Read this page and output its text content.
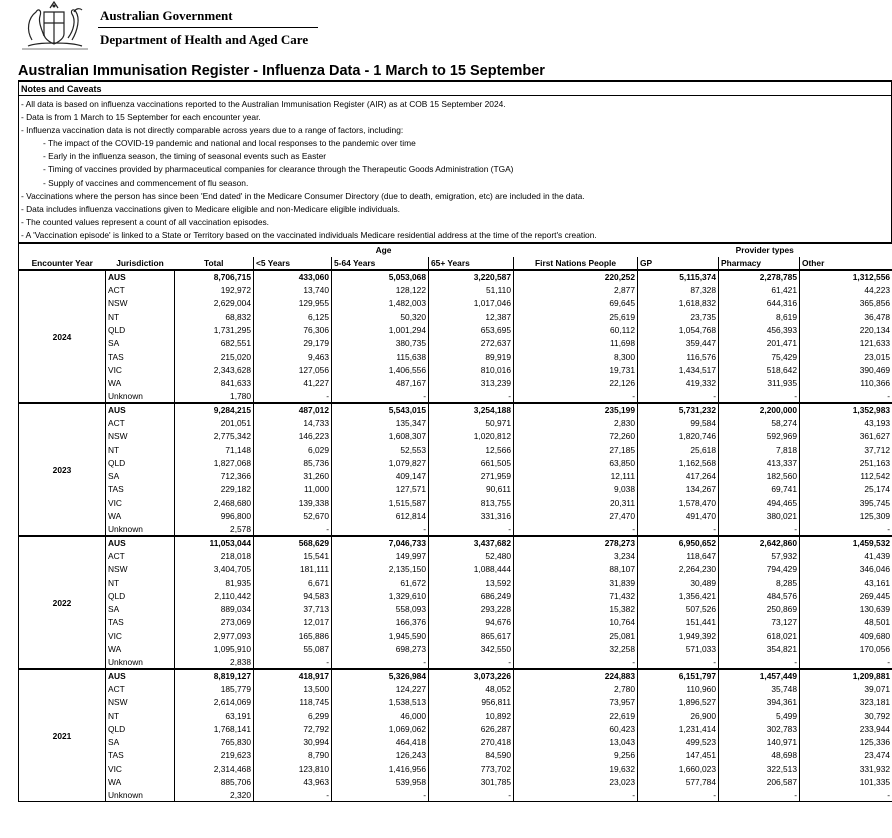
Australian Government
Department of Health and Aged Care
Australian Immunisation Register - Influenza Data - 1 March to 15 September
Notes and Caveats
- All data is based on influenza vaccinations reported to the Australian Immunisation Register (AIR) as at COB 15 September 2024.
- Data is from 1 March to 15 September for each encounter year.
- Influenza vaccination data is not directly comparable across years due to a range of factors, including:
- The impact of the COVID-19 pandemic and national and local responses to the pandemic over time
- Early in the influenza season, the timing of seasonal events such as Easter
- Timing of vaccines provided by pharmaceutical companies for clearance through the Therapeutic Goods Administration (TGA)
- Supply of vaccines and commencement of flu season.
- Vaccinations where the person has since been 'End dated' in the Medicare Consumer Directory (due to death, emigration, etc) are included in the data.
- Data includes influenza vaccinations given to Medicare eligible and non-Medicare eligible individuals.
- The counted values represent a count of all vaccination episodes.
- A 'Vaccination episode' is linked to a State or Territory based on the vaccinated individuals Medicare residential address at the time of the report's creation.
			Age				Provider types		
Encounter Year	Jurisdiction	Total	<5 Years	5-64 Years	65+ Years	First Nations People	GP	Pharmacy	Other
2024	AUS	8,706,715	433,060	5,053,068	3,220,587	220,252	5,115,374	2,278,785	1,312,556
	ACT	192,972	13,740	128,122	51,110	2,877	87,328	61,421	44,223
	NSW	2,629,004	129,955	1,482,003	1,017,046	69,645	1,618,832	644,316	365,856
	NT	68,832	6,125	50,320	12,387	25,619	23,735	8,619	36,478
	QLD	1,731,295	76,306	1,001,294	653,695	60,112	1,054,768	456,393	220,134
	SA	682,551	29,179	380,735	272,637	11,698	359,447	201,471	121,633
	TAS	215,020	9,463	115,638	89,919	8,300	116,576	75,429	23,015
	VIC	2,343,628	127,056	1,406,556	810,016	19,731	1,434,517	518,642	390,469
	WA	841,633	41,227	487,167	313,239	22,126	419,332	311,935	110,366
	Unknown	1,780	-	-	-	-	-	-	-
2023	AUS	9,284,215	487,012	5,543,015	3,254,188	235,199	5,731,232	2,200,000	1,352,983
	ACT	201,051	14,733	135,347	50,971	2,830	99,584	58,274	43,193
	NSW	2,775,342	146,223	1,608,307	1,020,812	72,260	1,820,746	592,969	361,627
	NT	71,148	6,029	52,553	12,566	27,185	25,618	7,818	37,712
	QLD	1,827,068	85,736	1,079,827	661,505	63,850	1,162,568	413,337	251,163
	SA	712,366	31,260	409,147	271,959	12,111	417,264	182,560	112,542
	TAS	229,182	11,000	127,571	90,611	9,038	134,267	69,741	25,174
	VIC	2,468,680	139,338	1,515,587	813,755	20,311	1,578,470	494,465	395,745
	WA	996,800	52,670	612,814	331,316	27,470	491,470	380,021	125,309
	Unknown	2,578	-	-	-	-	-	-	-
2022	AUS	11,053,044	568,629	7,046,733	3,437,682	278,273	6,950,652	2,642,860	1,459,532
	ACT	218,018	15,541	149,997	52,480	3,234	118,647	57,932	41,439
	NSW	3,404,705	181,111	2,135,150	1,088,444	88,107	2,264,230	794,429	346,046
	NT	81,935	6,671	61,672	13,592	31,839	30,489	8,285	43,161
	QLD	2,110,442	94,583	1,329,610	686,249	71,432	1,356,421	484,576	269,445
	SA	889,034	37,713	558,093	293,228	15,382	507,526	250,869	130,639
	TAS	273,069	12,017	166,376	94,676	10,764	151,441	73,127	48,501
	VIC	2,977,093	165,886	1,945,590	865,617	25,081	1,949,392	618,021	409,680
	WA	1,095,910	55,087	698,273	342,550	32,258	571,033	354,821	170,056
	Unknown	2,838	-	-	-	-	-	-	-
2021	AUS	8,819,127	418,917	5,326,984	3,073,226	224,883	6,151,797	1,457,449	1,209,881
	ACT	185,779	13,500	124,227	48,052	2,780	110,960	35,748	39,071
	NSW	2,614,069	118,745	1,538,513	956,811	73,957	1,896,527	394,361	323,181
	NT	63,191	6,299	46,000	10,892	22,619	26,900	5,499	30,792
	QLD	1,768,141	72,792	1,069,062	626,287	60,423	1,231,414	302,783	233,944
	SA	765,830	30,994	464,418	270,418	13,043	499,523	140,971	125,336
	TAS	219,623	8,790	126,243	84,590	9,256	147,451	48,698	23,474
	VIC	2,314,468	123,810	1,416,956	773,702	19,632	1,660,023	322,513	331,932
	WA	885,706	43,963	539,958	301,785	23,023	577,784	206,587	101,335
	Unknown	2,320	-	-	-	-	-	-	-
